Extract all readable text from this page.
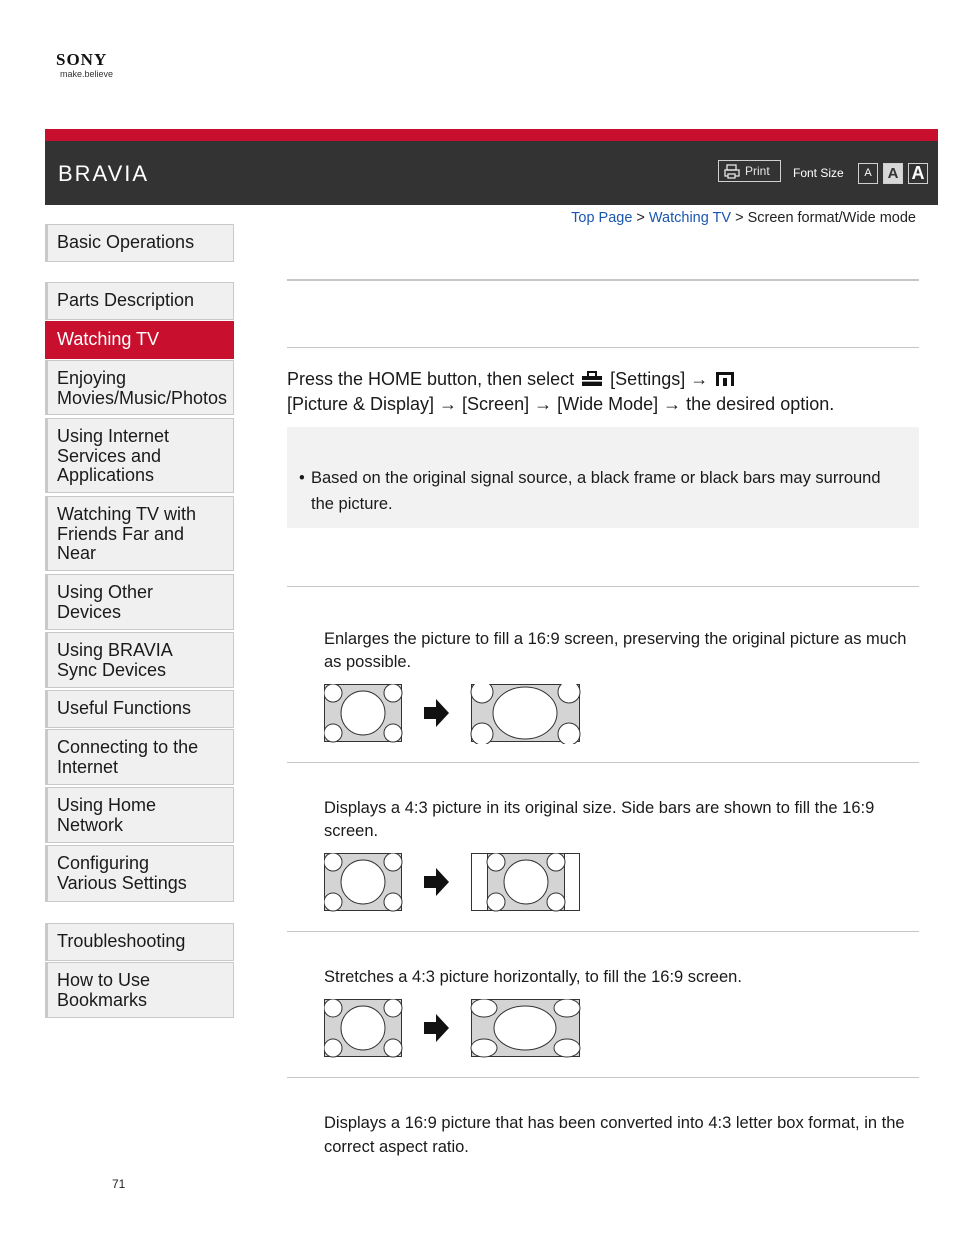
SONY
make.believe
BRAVIA	Print	Font Size	A	A A
Top Page > Watching TV > Screen format/Wide mode
Basic Operations
Parts Description
Watching TV
Enjoying
Movies/Music/Photos
Using Internet
Services and
Applications
Watching TV with
Friends Far and
Near
Using Other
Devices
Using BRAVIA
Sync Devices
Useful Functions
Connecting to the
Internet
Using Home
Network
Configuring
Various Settings
Troubleshooting
How to Use
Bookmarks
Press the HOME button, then select [Settings] →
[Picture & Display] → [Screen] → [Wide Mode] → the desired option.
• Based on the original signal source, a black frame or black bars may surround the picture.
Enlarges the picture to fill a 16:9 screen, preserving the original picture as much as possible.
Displays a 4:3 picture in its original size. Side bars are shown to fill the 16:9 screen.
Stretches a 4:3 picture horizontally, to fill the 16:9 screen.
Displays a 16:9 picture that has been converted into 4:3 letter box format, in the correct aspect ratio.
71
